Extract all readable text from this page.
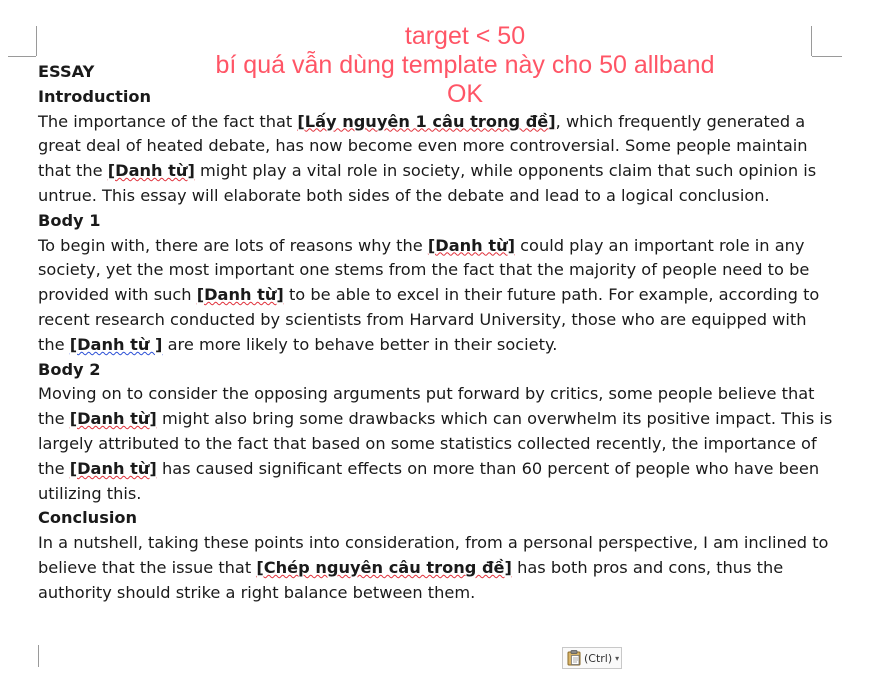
ESSAY

Introduction

The importance of the fact that [Lấy nguyên 1 câu trong đề], which frequently generated a great deal of heated debate, has now become even more controversial. Some people maintain that the [Danh từ] might play a vital role in society, while opponents claim that such opinion is untrue. This essay will elaborate both sides of the debate and lead to a logical conclusion.

Body 1

To begin with, there are lots of reasons why the [Danh từ] could play an important role in any society, yet the most important one stems from the fact that the majority of people need to be provided with such [Danh từ] to be able to excel in their future path. For example, according to recent research conducted by scientists from Harvard University, those who are equipped with the [Danh từ ] are more likely to behave better in their society.

Body 2

Moving on to consider the opposing arguments put forward by critics, some people believe that the [Danh từ] might also bring some drawbacks which can overwhelm its positive impact. This is largely attributed to the fact that based on some statistics collected recently, the importance of the [Danh từ] has caused significant effects on more than 60 percent of people who have been utilizing this.

Conclusion

In a nutshell, taking these points into consideration, from a personal perspective, I am inclined to believe that the issue that [Chép nguyên câu trong đề] has both pros and cons, thus the authority should strike a right balance between them.

target < 50
bí quá vẫn dùng template này cho 50 allband
OK
(Ctrl) ▾
